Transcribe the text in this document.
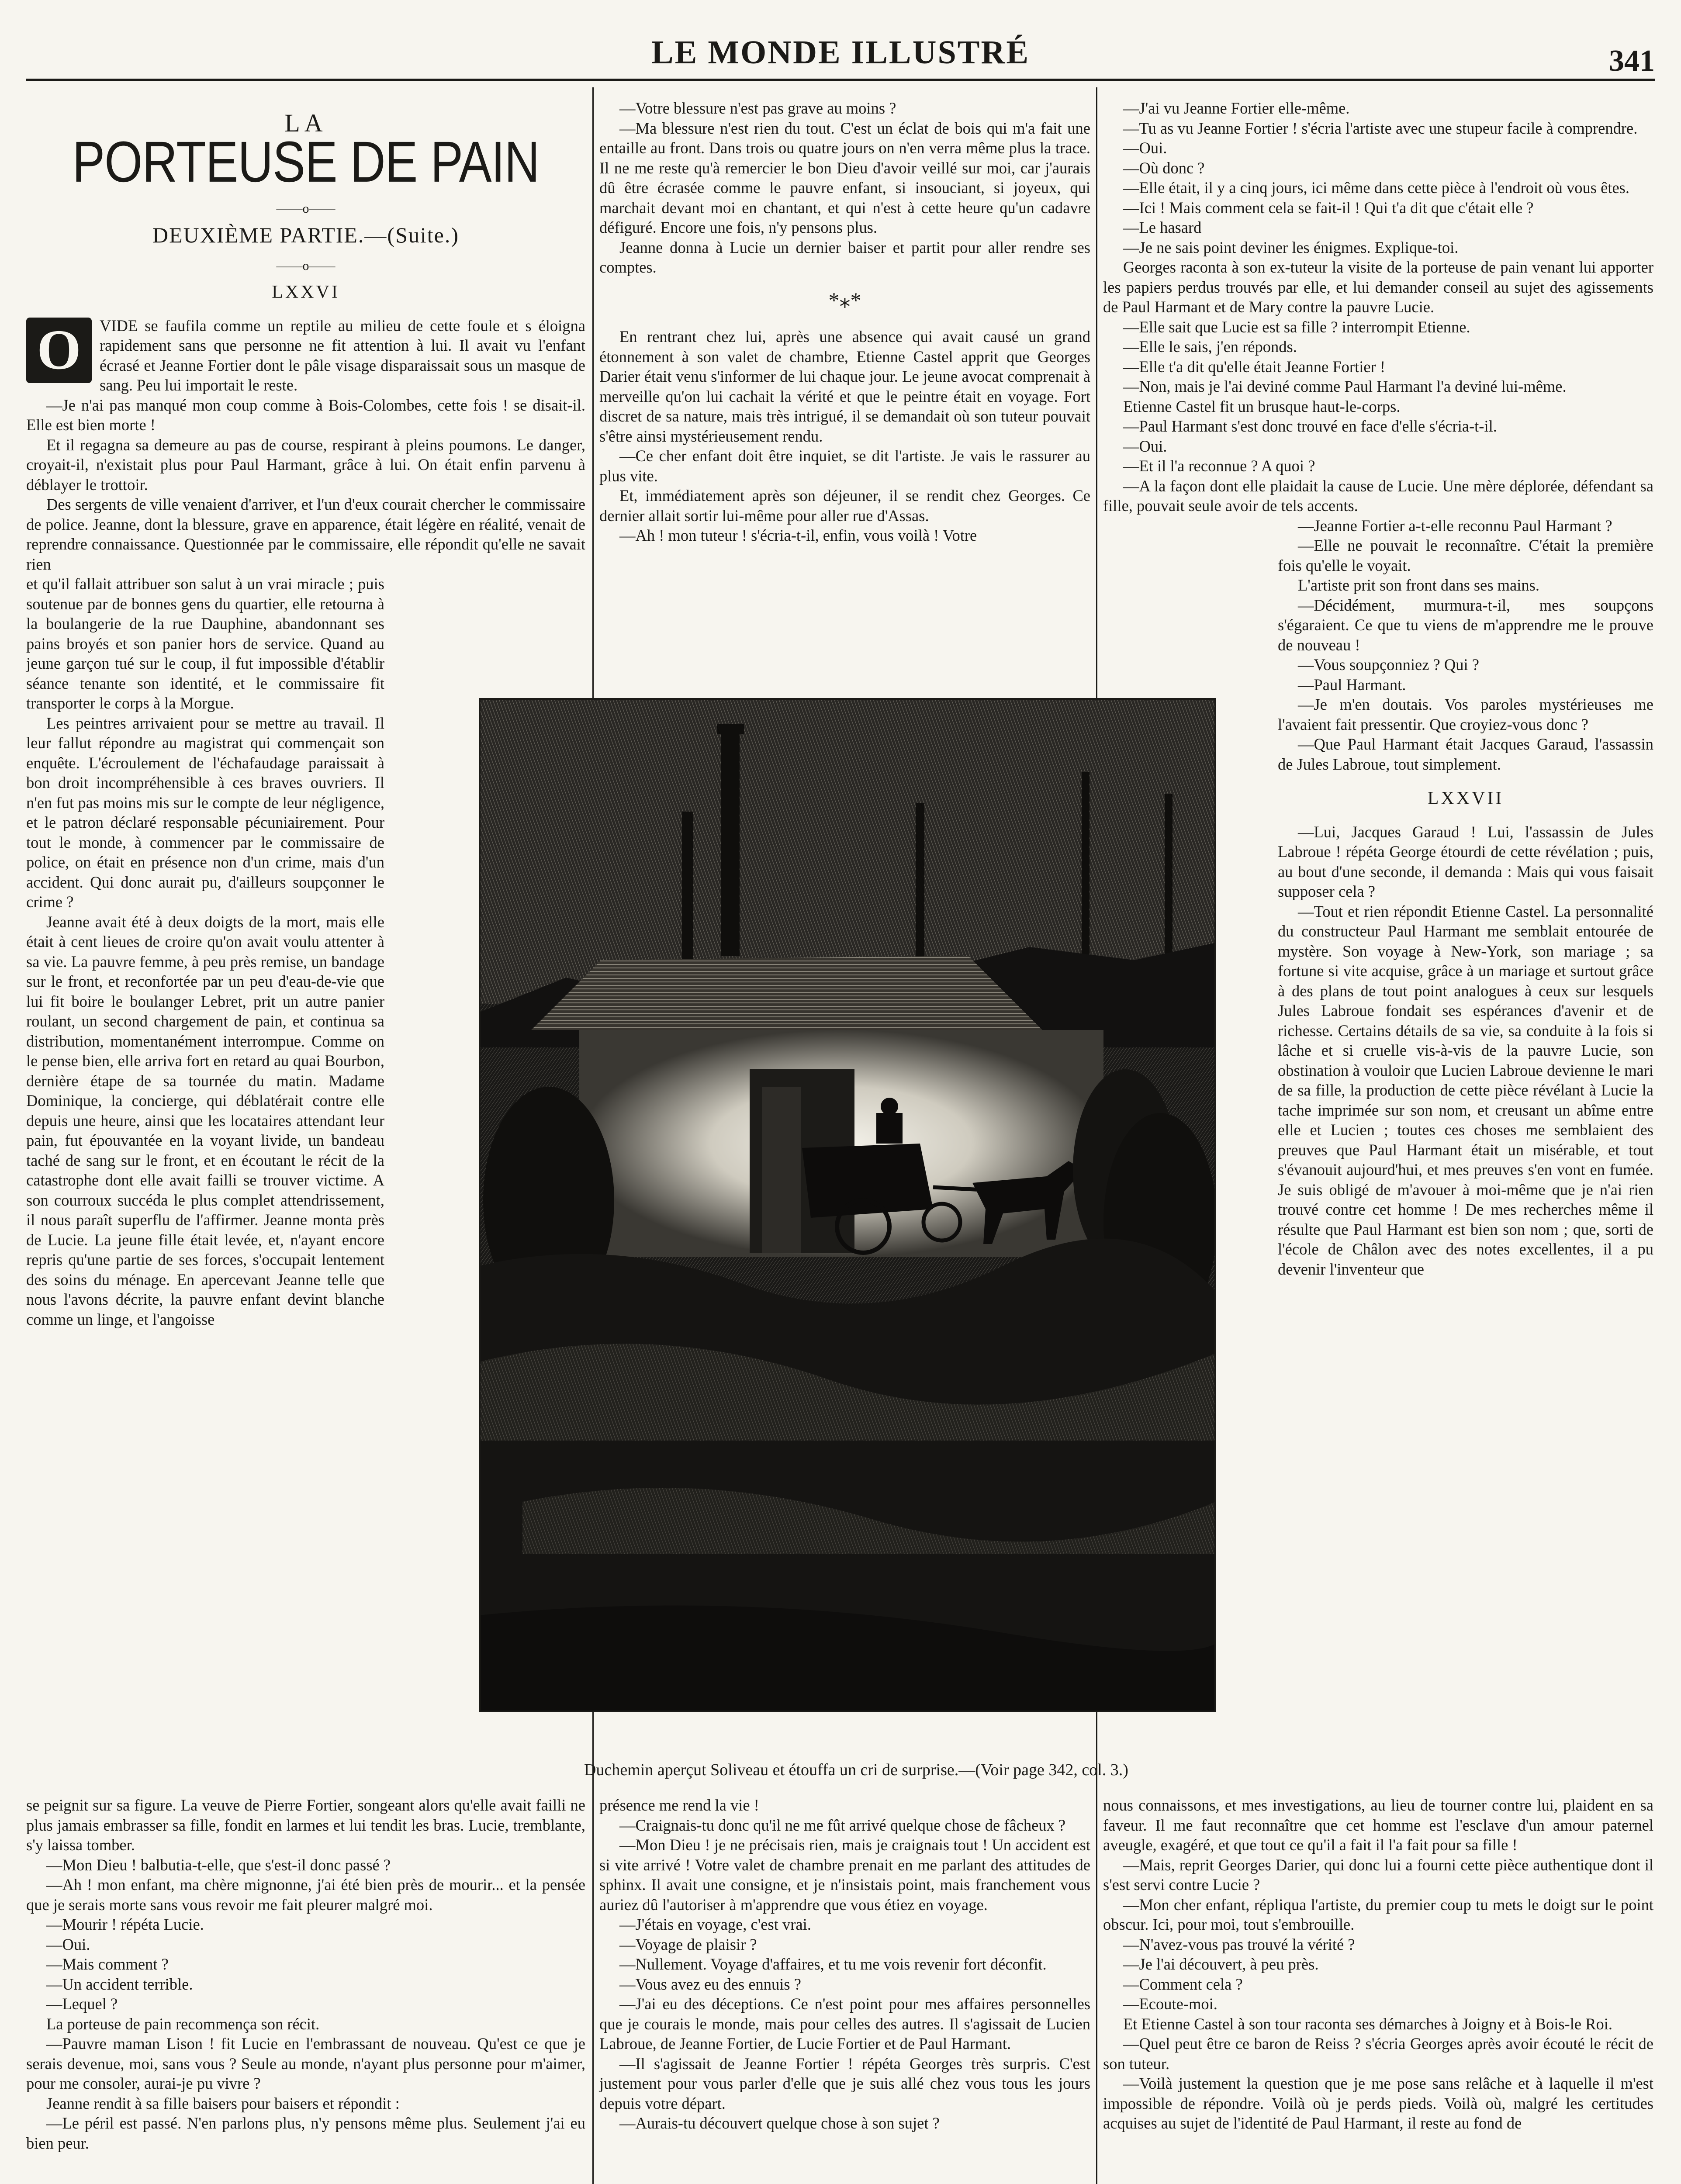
LE MONDE ILLUSTRÉ	341
LA
PORTEUSE DE PAIN
——o——
DEUXIÈME PARTIE.—(Suite.)
——o——
LXXVI

O	VIDE se faufila comme un reptile au milieu de cette foule et s éloigna rapidement sans que personne ne fit attention à lui. Il avait vu l'enfant écrasé et Jeanne Fortier dont le pâle visage disparaissait sous un masque de sang. Peu lui importait le reste.

—Je n'ai pas manqué mon coup comme à Bois-Colombes, cette fois ! se disait-il. Elle est bien morte !

Et il regagna sa demeure au pas de course, respirant à pleins poumons. Le danger, croyait-il, n'existait plus pour Paul Harmant, grâce à lui. On était enfin parvenu à déblayer le trottoir.

Des sergents de ville venaient d'arriver, et l'un d'eux courait chercher le commissaire de police. Jeanne, dont la blessure, grave en apparence, était légère en réalité, venait de reprendre connaissance. Questionnée par le commissaire, elle répondit qu'elle ne savait rien

et qu'il fallait attribuer son salut à un vrai miracle ; puis soutenue par de bonnes gens du quartier, elle retourna à la boulangerie de la rue Dauphine, abandonnant ses pains broyés et son panier hors de service. Quand au jeune garçon tué sur le coup, il fut impossible d'établir séance tenante son identité, et le commissaire fit transporter le corps à la Morgue.

Les peintres arrivaient pour se mettre au travail. Il leur fallut répondre au magistrat qui commençait son enquête. L'écroulement de l'échafaudage paraissait à bon droit incompréhensible à ces braves ouvriers. Il n'en fut pas moins mis sur le compte de leur négligence, et le patron déclaré responsable pécuniairement. Pour tout le monde, à commencer par le commissaire de police, on était en présence non d'un crime, mais d'un accident. Qui donc aurait pu, d'ailleurs soupçonner le crime ?

Jeanne avait été à deux doigts de la mort, mais elle était à cent lieues de croire qu'on avait voulu attenter à sa vie. La pauvre femme, à peu près remise, un bandage sur le front, et reconfortée par un peu d'eau-de-vie que lui fit boire le boulanger Lebret, prit un autre panier roulant, un second chargement de pain, et continua sa distribution, momentanément interrompue. Comme on le pense bien, elle arriva fort en retard au quai Bourbon, dernière étape de sa tournée du matin. Madame Dominique, la concierge, qui déblatérait contre elle depuis une heure, ainsi que les locataires attendant leur pain, fut épouvantée en la voyant livide, un bandeau taché de sang sur le front, et en écoutant le récit de la catastrophe dont elle avait failli se trouver victime. A son courroux succéda le plus complet attendrissement, il nous paraît superflu de l'affirmer. Jeanne monta près de Lucie. La jeune fille était levée, et, n'ayant encore repris qu'une partie de ses forces, s'occupait lentement des soins du ménage. En apercevant Jeanne telle que nous l'avons décrite, la pauvre enfant devint blanche comme un linge, et l'angoisse

—Votre blessure n'est pas grave au moins ?

—Ma blessure n'est rien du tout. C'est un éclat de bois qui m'a fait une entaille au front. Dans trois ou quatre jours on n'en verra même plus la trace. Il ne me reste qu'à remercier le bon Dieu d'avoir veillé sur moi, car j'aurais dû être écrasée comme le pauvre enfant, si insouciant, si joyeux, qui marchait devant moi en chantant, et qui n'est à cette heure qu'un cadavre défiguré. Encore une fois, n'y pensons plus.

Jeanne donna à Lucie un dernier baiser et partit pour aller rendre ses comptes.

*⁎*

En rentrant chez lui, après une absence qui avait causé un grand étonnement à son valet de chambre, Etienne Castel apprit que Georges Darier était venu s'informer de lui chaque jour. Le jeune avocat comprenait à merveille qu'on lui cachait la vérité et que le peintre était en voyage. Fort discret de sa nature, mais très intrigué, il se demandait où son tuteur pouvait s'être ainsi mystérieusement rendu.

—Ce cher enfant doit être inquiet, se dit l'artiste. Je vais le rassurer au plus vite.

Et, immédiatement après son déjeuner, il se rendit chez Georges. Ce dernier allait sortir lui-même pour aller rue d'Assas.

—Ah ! mon tuteur ! s'écria-t-il, enfin, vous voilà ! Votre

—J'ai vu Jeanne Fortier elle-même.

—Tu as vu Jeanne Fortier ! s'écria l'artiste avec une stupeur facile à comprendre.

—Oui.

—Où donc ?

—Elle était, il y a cinq jours, ici même dans cette pièce à l'endroit où vous êtes.

—Ici ! Mais comment cela se fait-il ! Qui t'a dit que c'était elle ?

—Le hasard

—Je ne sais point deviner les énigmes. Explique-toi.

Georges raconta à son ex-tuteur la visite de la porteuse de pain venant lui apporter les papiers perdus trouvés par elle, et lui demander conseil au sujet des agissements de Paul Harmant et de Mary contre la pauvre Lucie.

—Elle sait que Lucie est sa fille ? interrompit Etienne.

—Elle le sais, j'en réponds.

—Elle t'a dit qu'elle était Jeanne Fortier !

—Non, mais je l'ai deviné comme Paul Harmant l'a deviné lui-même.

Etienne Castel fit un brusque haut-le-corps.

—Paul Harmant s'est donc trouvé en face d'elle s'écria-t-il.

—Oui.

—Et il l'a reconnue ? A quoi ?

—A la façon dont elle plaidait la cause de Lucie. Une mère déplorée, défendant sa fille, pouvait seule avoir de tels accents.

—Jeanne Fortier a-t-elle reconnu Paul Harmant ?

—Elle ne pouvait le reconnaître. C'était la première fois qu'elle le voyait.

L'artiste prit son front dans ses mains.

—Décidément, murmura-t-il, mes soupçons s'égaraient. Ce que tu viens de m'apprendre me le prouve de nouveau !

—Vous soupçonniez ? Qui ?

—Paul Harmant.

—Je m'en doutais. Vos paroles mystérieuses me l'avaient fait pressentir. Que croyiez-vous donc ?

—Que Paul Harmant était Jacques Garaud, l'assassin de Jules Labroue, tout simplement.

LXXVII

—Lui, Jacques Garaud ! Lui, l'assassin de Jules Labroue ! répéta George étourdi de cette révélation ; puis, au bout d'une seconde, il demanda : Mais qui vous faisait supposer cela ?

—Tout et rien répondit Etienne Castel. La personnalité du constructeur Paul Harmant me semblait entourée de mystère. Son voyage à New-York, son mariage ; sa fortune si vite acquise, grâce à un mariage et surtout grâce à des plans de tout point analogues à ceux sur lesquels Jules Labroue fondait ses espérances d'avenir et de richesse. Certains détails de sa vie, sa conduite à la fois si lâche et si cruelle vis-à-vis de la pauvre Lucie, son obstination à vouloir que Lucien Labroue devienne le mari de sa fille, la production de cette pièce révélant à Lucie la tache imprimée sur son nom, et creusant un abîme entre elle et Lucien ; toutes ces choses me semblaient des preuves que Paul Harmant était un misérable, et tout s'évanouit aujourd'hui, et mes preuves s'en vont en fumée. Je suis obligé de m'avouer à moi-même que je n'ai rien trouvé contre cet homme ! De mes recherches même il résulte que Paul Harmant est bien son nom ; que, sorti de l'école de Châlon avec des notes excellentes, il a pu devenir l'inventeur que

Duchemin aperçut Soliveau et étouffa un cri de surprise.—(Voir page 342, col. 3.)

se peignit sur sa figure. La veuve de Pierre Fortier, songeant alors qu'elle avait failli ne plus jamais embrasser sa fille, fondit en larmes et lui tendit les bras. Lucie, tremblante, s'y laissa tomber.

—Mon Dieu ! balbutia-t-elle, que s'est-il donc passé ?

—Ah ! mon enfant, ma chère mignonne, j'ai été bien près de mourir... et la pensée que je serais morte sans vous revoir me fait pleurer malgré moi.

—Mourir ! répéta Lucie.

—Oui.

—Mais comment ?

—Un accident terrible.

—Lequel ?

La porteuse de pain recommença son récit.

—Pauvre maman Lison ! fit Lucie en l'embrassant de nouveau. Qu'est ce que je serais devenue, moi, sans vous ? Seule au monde, n'ayant plus personne pour m'aimer, pour me consoler, aurai-je pu vivre ?

Jeanne rendit à sa fille baisers pour baisers et répondit :

—Le péril est passé. N'en parlons plus, n'y pensons même plus. Seulement j'ai eu bien peur.

présence me rend la vie !

—Craignais-tu donc qu'il ne me fût arrivé quelque chose de fâcheux ?

—Mon Dieu ! je ne précisais rien, mais je craignais tout ! Un accident est si vite arrivé ! Votre valet de chambre prenait en me parlant des attitudes de sphinx. Il avait une consigne, et je n'insistais point, mais franchement vous auriez dû l'autoriser à m'apprendre que vous étiez en voyage.

—J'étais en voyage, c'est vrai.

—Voyage de plaisir ?

—Nullement. Voyage d'affaires, et tu me vois revenir fort déconfit.

—Vous avez eu des ennuis ?

—J'ai eu des déceptions. Ce n'est point pour mes affaires personnelles que je courais le monde, mais pour celles des autres. Il s'agissait de Lucien Labroue, de Jeanne Fortier, de Lucie Fortier et de Paul Harmant.

—Il s'agissait de Jeanne Fortier ! répéta Georges très surpris. C'est justement pour vous parler d'elle que je suis allé chez vous tous les jours depuis votre départ.

—Aurais-tu découvert quelque chose à son sujet ?

nous connaissons, et mes investigations, au lieu de tourner contre lui, plaident en sa faveur. Il me faut reconnaître que cet homme est l'esclave d'un amour paternel aveugle, exagéré, et que tout ce qu'il a fait il l'a fait pour sa fille !

—Mais, reprit Georges Darier, qui donc lui a fourni cette pièce authentique dont il s'est servi contre Lucie ?

—Mon cher enfant, répliqua l'artiste, du premier coup tu mets le doigt sur le point obscur. Ici, pour moi, tout s'embrouille.

—N'avez-vous pas trouvé la vérité ?

—Je l'ai découvert, à peu près.

—Comment cela ?

—Ecoute-moi.

Et Etienne Castel à son tour raconta ses démarches à Joigny et à Bois-le Roi.

—Quel peut être ce baron de Reiss ? s'écria Georges après avoir écouté le récit de son tuteur.

—Voilà justement la question que je me pose sans relâche et à laquelle il m'est impossible de répondre. Voilà où je perds pieds. Voilà où, malgré les certitudes acquises au sujet de l'identité de Paul Harmant, il reste au fond de
